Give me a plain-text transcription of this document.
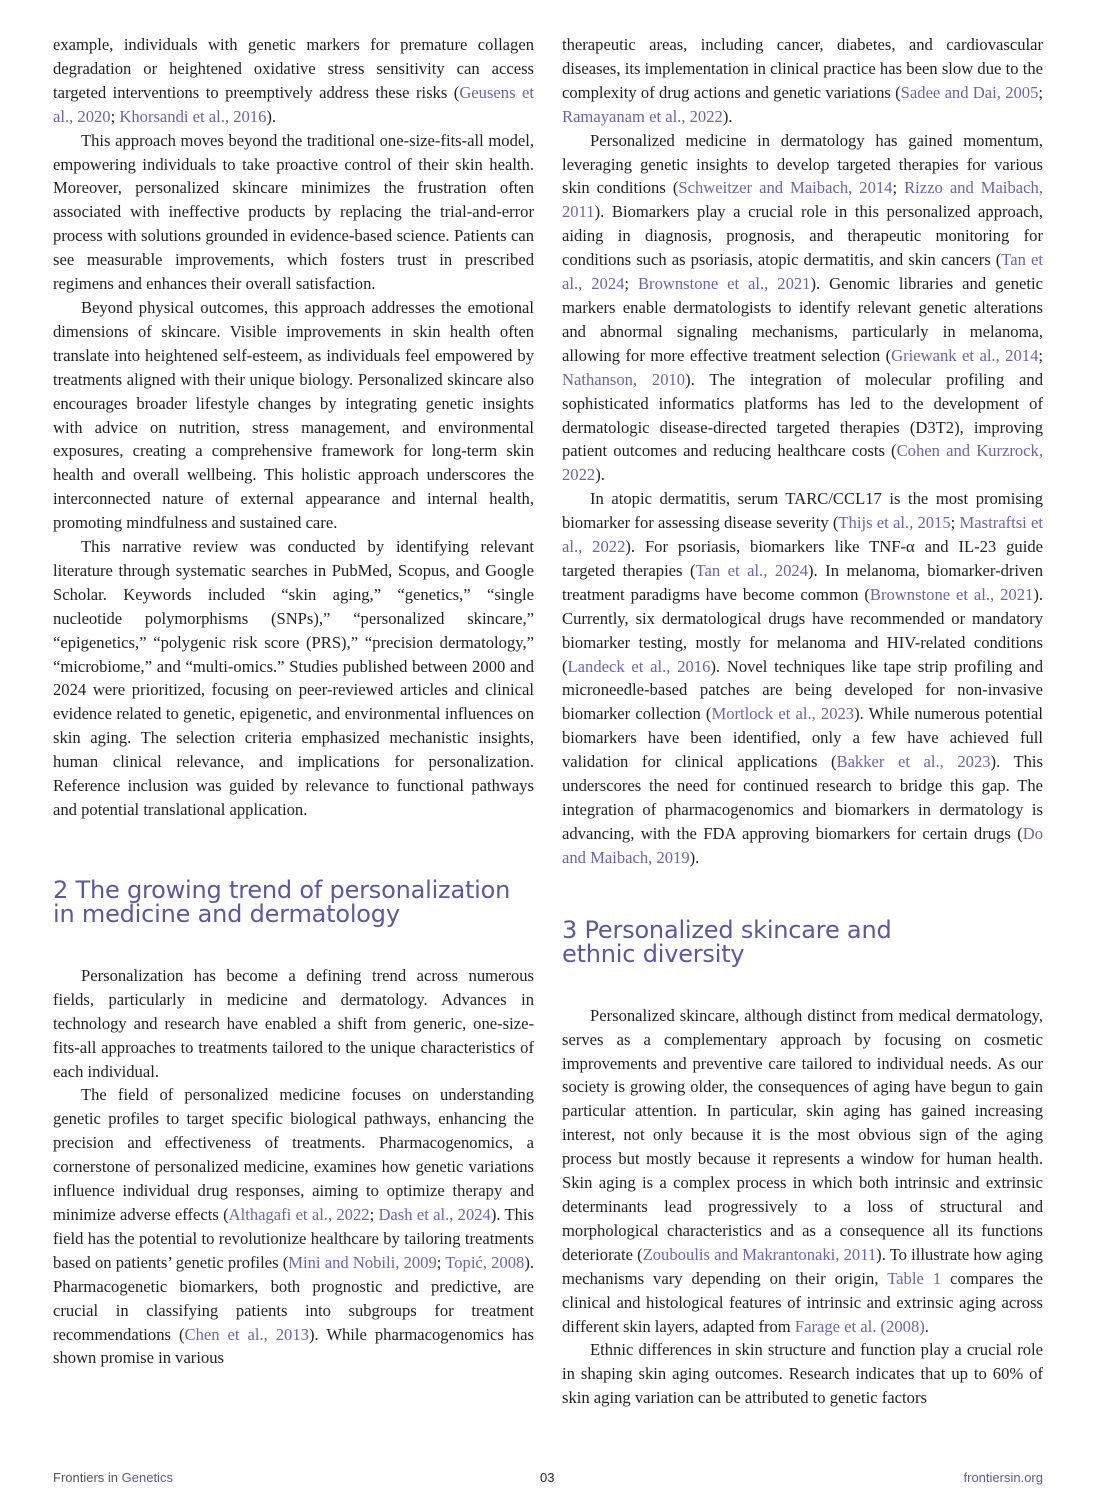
example, individuals with genetic markers for premature collagen degradation or heightened oxidative stress sensitivity can access targeted interventions to preemptively address these risks (Geusens et al., 2020; Khorsandi et al., 2016).

This approach moves beyond the traditional one-size-fits-all model, empowering individuals to take proactive control of their skin health. Moreover, personalized skincare minimizes the frustration often associated with ineffective products by replacing the trial-and-error process with solutions grounded in evidence-based science. Patients can see measurable improvements, which fosters trust in prescribed regimens and enhances their overall satisfaction.

Beyond physical outcomes, this approach addresses the emotional dimensions of skincare. Visible improvements in skin health often translate into heightened self-esteem, as individuals feel empowered by treatments aligned with their unique biology. Personalized skincare also encourages broader lifestyle changes by integrating genetic insights with advice on nutrition, stress management, and environmental exposures, creating a comprehensive framework for long-term skin health and overall wellbeing. This holistic approach underscores the interconnected nature of external appearance and internal health, promoting mindfulness and sustained care.

This narrative review was conducted by identifying relevant literature through systematic searches in PubMed, Scopus, and Google Scholar. Keywords included “skin aging,” “genetics,” “single nucleotide polymorphisms (SNPs),” “personalized skincare,” “epigenetics,” “polygenic risk score (PRS),” “precision dermatology,” “microbiome,” and “multi-omics.” Studies published between 2000 and 2024 were prioritized, focusing on peer-reviewed articles and clinical evidence related to genetic, epigenetic, and environmental influences on skin aging. The selection criteria emphasized mechanistic insights, human clinical relevance, and implications for personalization. Reference inclusion was guided by relevance to functional pathways and potential translational application.

2 The growing trend of personalization
in medicine and dermatology

Personalization has become a defining trend across numerous fields, particularly in medicine and dermatology. Advances in technology and research have enabled a shift from generic, one-size-fits-all approaches to treatments tailored to the unique characteristics of each individual.

The field of personalized medicine focuses on understanding genetic profiles to target specific biological pathways, enhancing the precision and effectiveness of treatments. Pharmacogenomics, a cornerstone of personalized medicine, examines how genetic variations influence individual drug responses, aiming to optimize therapy and minimize adverse effects (Althagafi et al., 2022; Dash et al., 2024). This field has the potential to revolutionize healthcare by tailoring treatments based on patients’ genetic profiles (Mini and Nobili, 2009; Topić, 2008). Pharmacogenetic biomarkers, both prognostic and predictive, are crucial in classifying patients into subgroups for treatment recommendations (Chen et al., 2013). While pharmacogenomics has shown promise in various

therapeutic areas, including cancer, diabetes, and cardiovascular diseases, its implementation in clinical practice has been slow due to the complexity of drug actions and genetic variations (Sadee and Dai, 2005; Ramayanam et al., 2022).

Personalized medicine in dermatology has gained momentum, leveraging genetic insights to develop targeted therapies for various skin conditions (Schweitzer and Maibach, 2014; Rizzo and Maibach, 2011). Biomarkers play a crucial role in this personalized approach, aiding in diagnosis, prognosis, and therapeutic monitoring for conditions such as psoriasis, atopic dermatitis, and skin cancers (Tan et al., 2024; Brownstone et al., 2021). Genomic libraries and genetic markers enable dermatologists to identify relevant genetic alterations and abnormal signaling mechanisms, particularly in melanoma, allowing for more effective treatment selection (Griewank et al., 2014; Nathanson, 2010). The integration of molecular profiling and sophisticated informatics platforms has led to the development of dermatologic disease-directed targeted therapies (D3T2), improving patient outcomes and reducing healthcare costs (Cohen and Kurzrock, 2022).

In atopic dermatitis, serum TARC/CCL17 is the most promising biomarker for assessing disease severity (Thijs et al., 2015; Mastraftsi et al., 2022). For psoriasis, biomarkers like TNF-α and IL-23 guide targeted therapies (Tan et al., 2024). In melanoma, biomarker-driven treatment paradigms have become common (Brownstone et al., 2021). Currently, six dermatological drugs have recommended or mandatory biomarker testing, mostly for melanoma and HIV-related conditions (Landeck et al., 2016). Novel techniques like tape strip profiling and microneedle-based patches are being developed for non-invasive biomarker collection (Mortlock et al., 2023). While numerous potential biomarkers have been identified, only a few have achieved full validation for clinical applications (Bakker et al., 2023). This underscores the need for continued research to bridge this gap. The integration of pharmacogenomics and biomarkers in dermatology is advancing, with the FDA approving biomarkers for certain drugs (Do and Maibach, 2019).

3 Personalized skincare and
ethnic diversity

Personalized skincare, although distinct from medical dermatology, serves as a complementary approach by focusing on cosmetic improvements and preventive care tailored to individual needs. As our society is growing older, the consequences of aging have begun to gain particular attention. In particular, skin aging has gained increasing interest, not only because it is the most obvious sign of the aging process but mostly because it represents a window for human health. Skin aging is a complex process in which both intrinsic and extrinsic determinants lead progressively to a loss of structural and morphological characteristics and as a consequence all its functions deteriorate (Zouboulis and Makrantonaki, 2011). To illustrate how aging mechanisms vary depending on their origin, Table 1 compares the clinical and histological features of intrinsic and extrinsic aging across different skin layers, adapted from Farage et al. (2008).

Ethnic differences in skin structure and function play a crucial role in shaping skin aging outcomes. Research indicates that up to 60% of skin aging variation can be attributed to genetic factors

Frontiers in Genetics	03	frontiersin.org
